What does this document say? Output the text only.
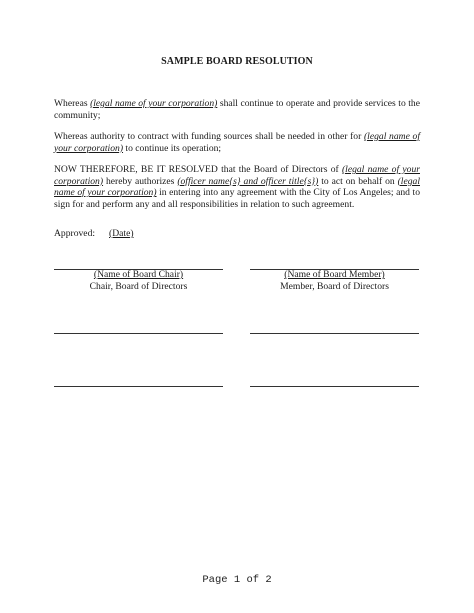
SAMPLE BOARD RESOLUTION
Whereas (legal name of your corporation) shall continue to operate and provide services to the community;
Whereas authority to contract with funding sources shall be needed in other for (legal name of your corporation) to continue its operation;
NOW THEREFORE, BE IT RESOLVED that the Board of Directors of (legal name of your corporation) hereby authorizes (officer name{s} and officer title{s}) to act on behalf on (legal name of your corporation) in entering into any agreement with the City of Los Angeles; and to sign for and perform any and all responsibilities in relation to such agreement.
Approved: (Date)
(Name of Board Chair)
Chair, Board of Directors
(Name of Board Member)
Member, Board of Directors
Page 1 of 2
